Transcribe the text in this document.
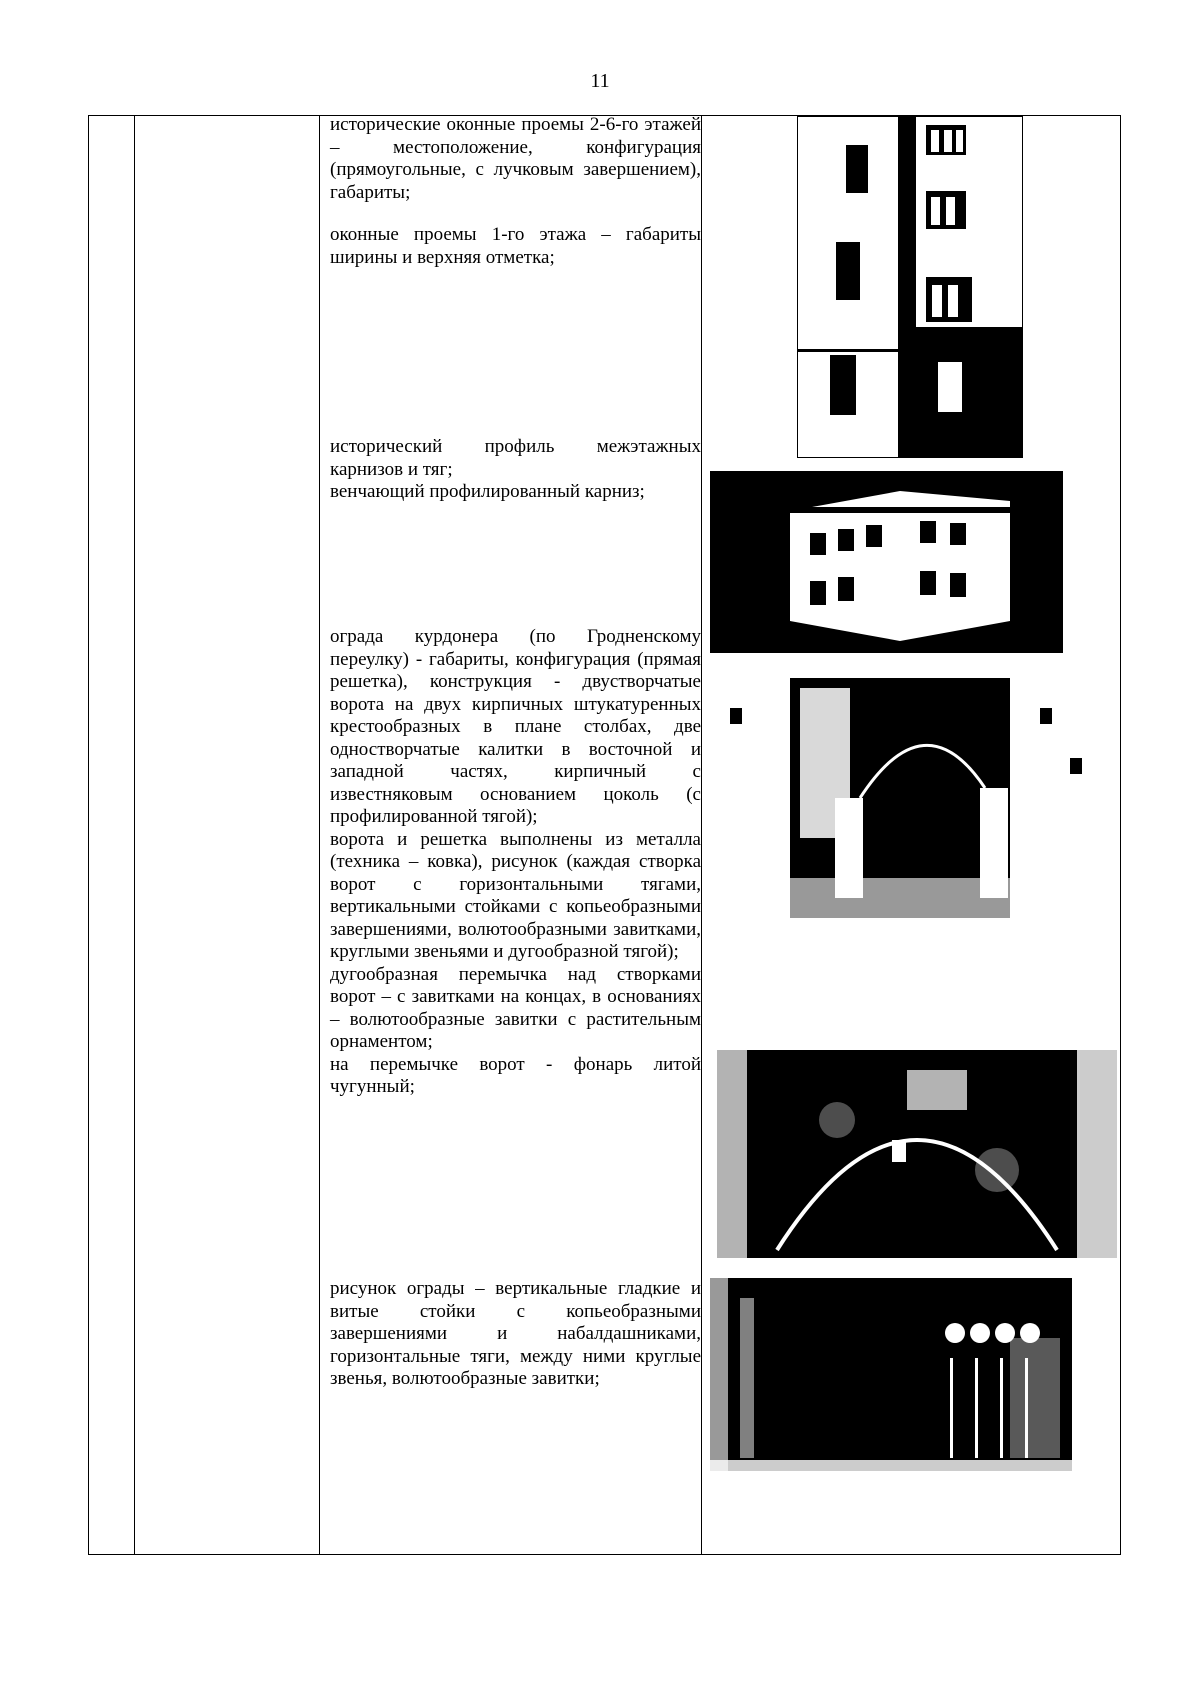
11

исторические оконные проемы 2-6-го этажей – местоположение, конфигурация (прямоугольные, с лучковым завершением), габариты;

оконные проемы 1-го этажа – габариты ширины и верхняя отметка;

исторический профиль межэтажных карнизов и тяг;

венчающий профилированный карниз;

ограда курдонера (по Гродненскому переулку) - габариты, конфигурация (прямая решетка), конструкция - двустворчатые ворота на двух кирпичных штукатуренных крестообразных в плане столбах, две одностворчатые калитки в восточной и западной частях, кирпичный с известняковым основанием цоколь (с профилированной тягой);

ворота и решетка выполнены из металла (техника – ковка), рисунок (каждая створка ворот с горизонтальными тягами, вертикальными стойками с копьеобразными завершениями, волютообразными завитками, круглыми звеньями и дугообразной тягой);

дугообразная перемычка над створками ворот – с завитками на концах, в основаниях – волютообразные завитки с растительным орнаментом;

на перемычке ворот - фонарь литой чугунный;

рисунок ограды – вертикальные гладкие и витые стойки с копьеобразными завершениями и набалдашниками, горизонтальные тяги, между ними круглые звенья, волютообразные завитки;
